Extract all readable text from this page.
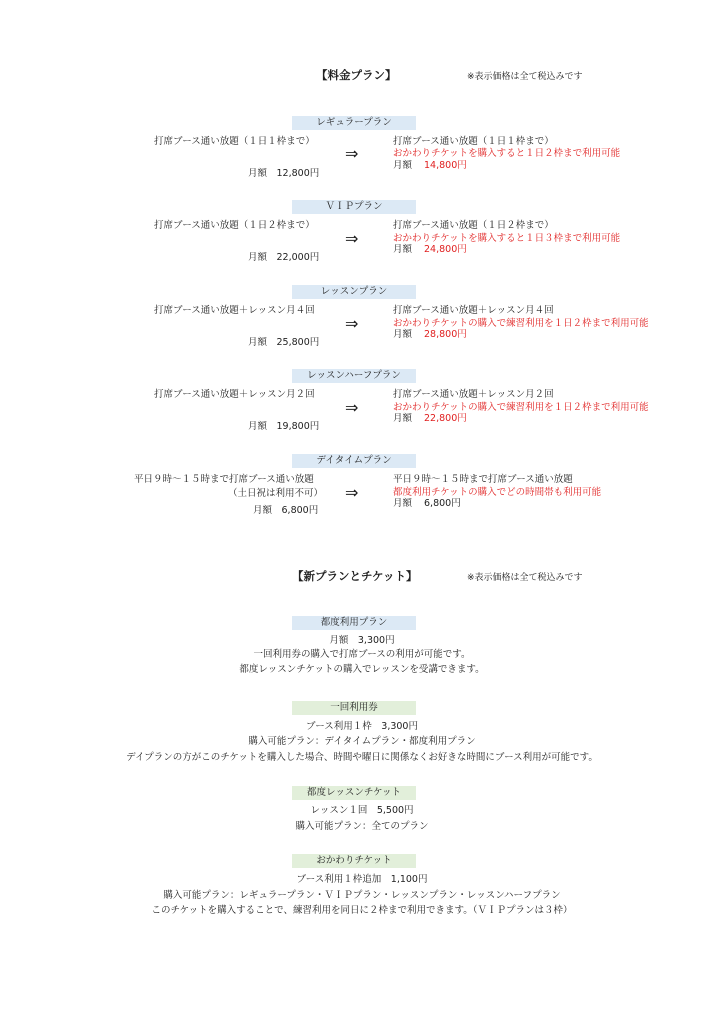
【料金プラン】	※表示価格は全て税込みです
レギュラープラン
打席ブース通い放題（１日１枠まで）
月額　12,800円
⇒
打席ブース通い放題（１日１枠まで）
おかわりチケットを購入すると１日２枠まで利用可能
月額 14,800円
ＶＩＰプラン
打席ブース通い放題（１日２枠まで）
月額　22,000円
⇒
打席ブース通い放題（１日２枠まで）
おかわりチケットを購入すると１日３枠まで利用可能
月額 24,800円
レッスンプラン
打席ブース通い放題＋レッスン月４回
月額　25,800円
⇒
打席ブース通い放題＋レッスン月４回
おかわりチケットの購入で練習利用を１日２枠まで利用可能
月額 28,800円
レッスンハーフプラン
打席ブース通い放題＋レッスン月２回
月額　19,800円
⇒
打席ブース通い放題＋レッスン月２回
おかわりチケットの購入で練習利用を１日２枠まで利用可能
月額 22,800円
デイタイムプラン
平日９時～１５時まで打席ブース通い放題
（土日祝は利用不可）
月額　6,800円
⇒
平日９時～１５時まで打席ブース通い放題
都度利用チケットの購入でどの時間帯も利用可能
月額 6,800円
【新プランとチケット】	※表示価格は全て税込みです
都度利用プラン
月額　3,300円
一回利用券の購入で打席ブースの利用が可能です。
都度レッスンチケットの購入でレッスンを受講できます。
一回利用券
ブース利用１枠　3,300円
購入可能プラン：デイタイムプラン・都度利用プラン
デイプランの方がこのチケットを購入した場合、時間や曜日に関係なくお好きな時間にブース利用が可能です。
都度レッスンチケット
レッスン１回　5,500円
購入可能プラン：全てのプラン
おかわりチケット
ブース利用１枠追加　1,100円
購入可能プラン：レギュラープラン・ＶＩＰプラン・レッスンプラン・レッスンハーフプラン
このチケットを購入することで、練習利用を同日に２枠まで利用できます。（ＶＩＰプランは３枠）
